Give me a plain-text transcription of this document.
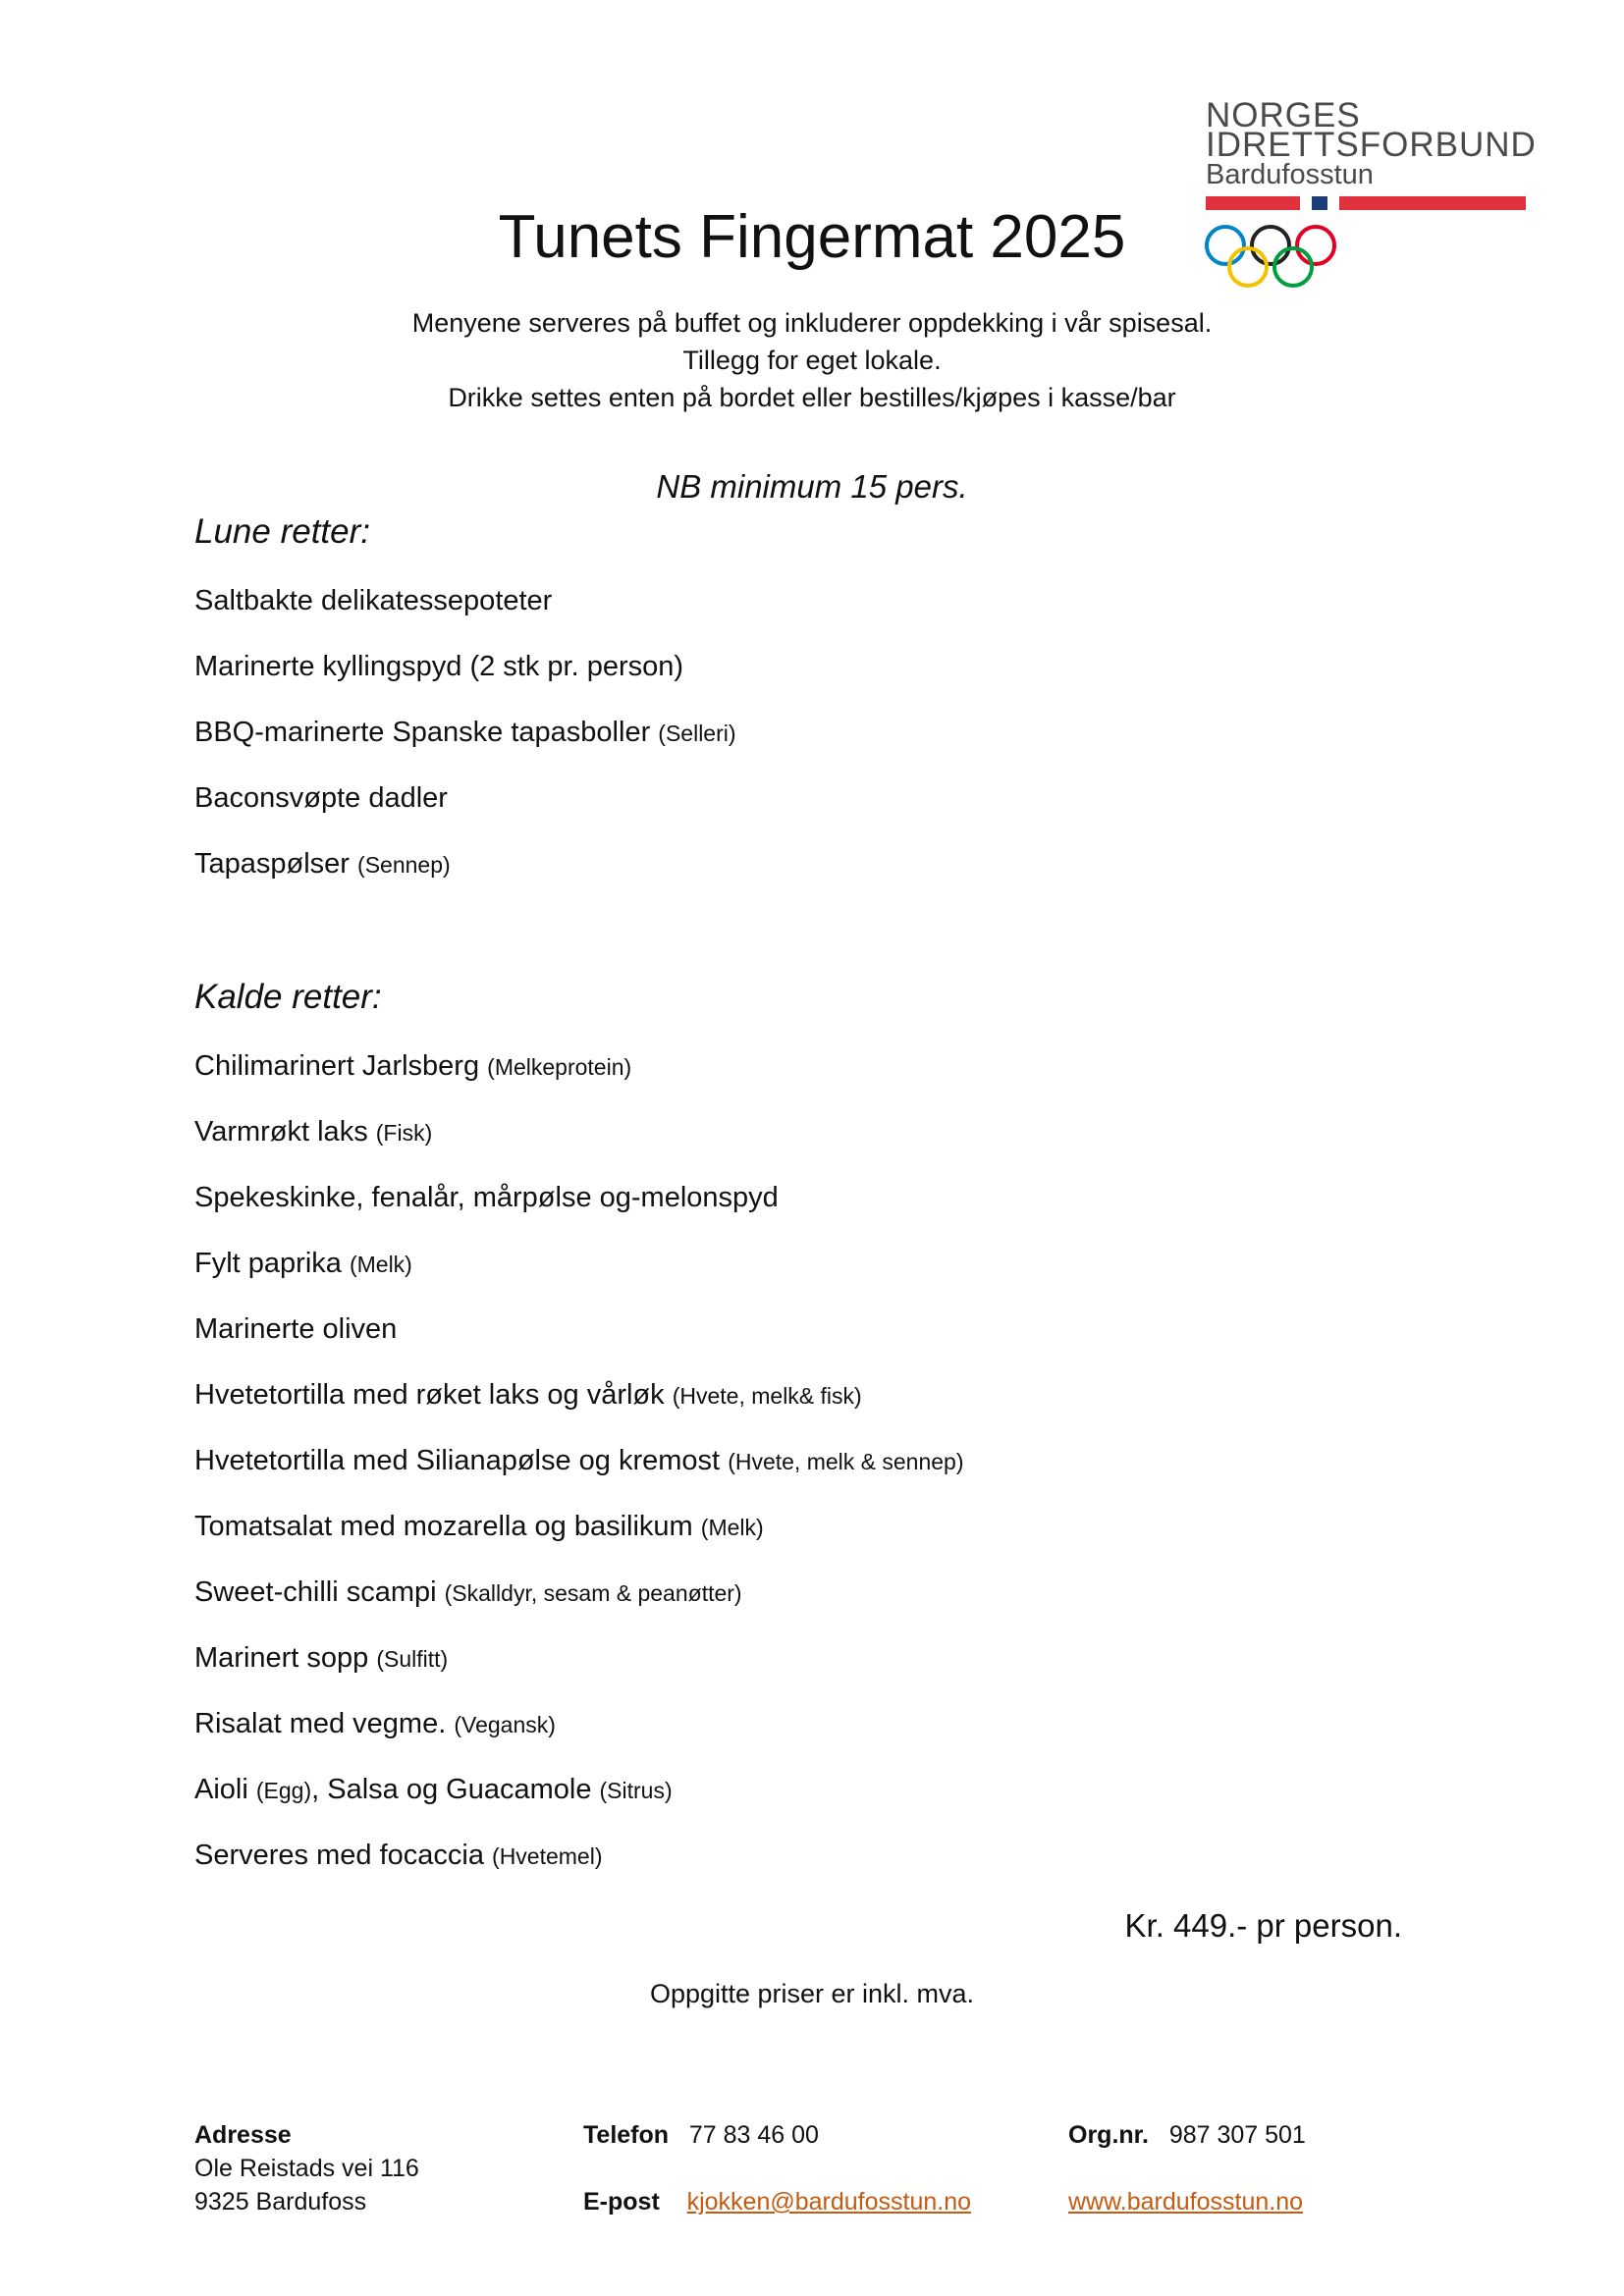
NORGES
IDRETTSFORBUND
Bardufosstun
Tunets Fingermat 2025
Menyene serveres på buffet og inkluderer oppdekking i vår spisesal.
Tillegg for eget lokale.
Drikke settes enten på bordet eller bestilles/kjøpes i kasse/bar
NB minimum 15 pers.
Lune retter:
Saltbakte delikatessepoteter
Marinerte kyllingspyd (2 stk pr. person)
BBQ-marinerte Spanske tapasboller (Selleri)
Baconsvøpte dadler
Tapaspølser (Sennep)
Kalde retter:
Chilimarinert Jarlsberg (Melkeprotein)
Varmrøkt laks (Fisk)
Spekeskinke, fenalår, mårpølse og-melonspyd
Fylt paprika (Melk)
Marinerte oliven
Hvetetortilla med røket laks og vårløk (Hvete, melk& fisk)
Hvetetortilla med Silianapølse og kremost (Hvete, melk & sennep)
Tomatsalat med mozarella og basilikum (Melk)
Sweet-chilli scampi (Skalldyr, sesam & peanøtter)
Marinert sopp (Sulfitt)
Risalat med vegme. (Vegansk)
Aioli (Egg), Salsa og Guacamole (Sitrus)
Serveres med focaccia (Hvetemel)
Kr. 449.- pr person.
Oppgitte priser er inkl. mva.
Adresse
Ole Reistads vei 116
9325 Bardufoss
Telefon 77 83 46 00	Org.nr. 987 307 501
E-post kjokken@bardufosstun.no	www.bardufosstun.no
